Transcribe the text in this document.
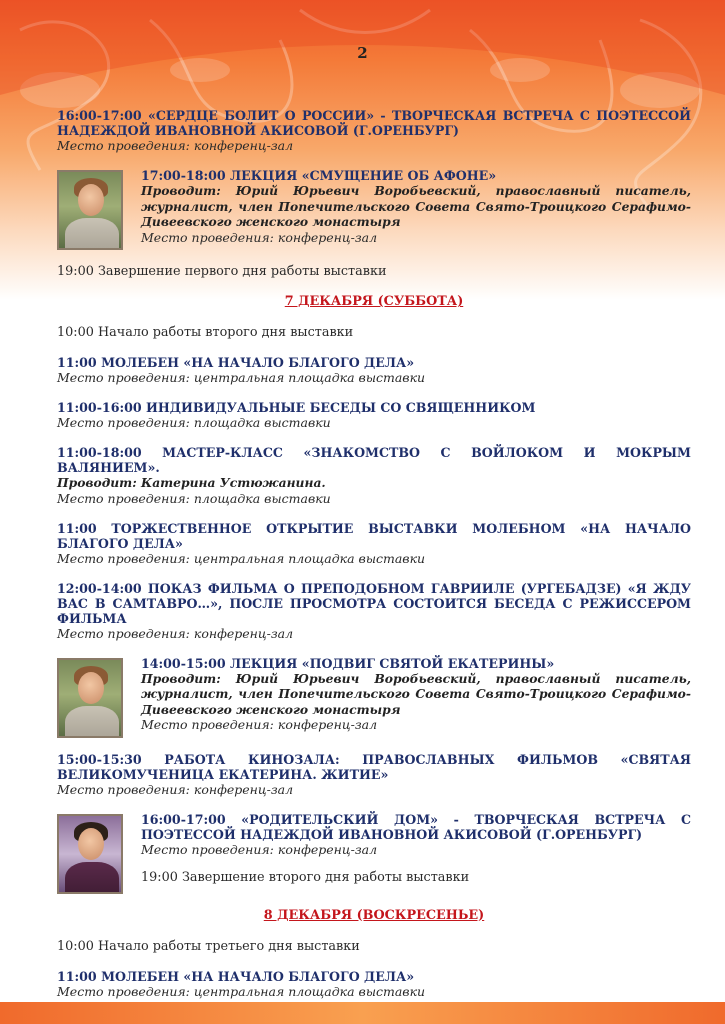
2
16:00-17:00 «СЕРДЦЕ БОЛИТ О РОССИИ» - ТВОРЧЕСКАЯ ВСТРЕЧА С ПОЭТЕССОЙ НАДЕЖДОЙ ИВАНОВНОЙ АКИСОВОЙ (Г.ОРЕНБУРГ)
Место проведения: конференц-зал
17:00-18:00 ЛЕКЦИЯ «СМУЩЕНИЕ ОБ АФОНЕ»
Проводит: Юрий Юрьевич Воробьевский, православный писатель, журналист, член Попечительского Совета Свято-Троицкого Серафимо-Дивеевского женского монастыря
Место проведения: конференц-зал
19:00 Завершение первого дня работы выставки
7 ДЕКАБРЯ (СУББОТА)
10:00 Начало работы второго дня выставки
11:00 МОЛЕБЕН «НА НАЧАЛО БЛАГОГО ДЕЛА»
Место проведения: центральная площадка выставки
11:00-16:00 ИНДИВИДУАЛЬНЫЕ БЕСЕДЫ СО СВЯЩЕННИКОМ
Место проведения: площадка выставки
11:00-18:00 МАСТЕР-КЛАСС «ЗНАКОМСТВО С ВОЙЛОКОМ И МОКРЫМ ВАЛЯНИЕМ».
Проводит: Катерина Устюжанина.
Место проведения: площадка выставки
11:00 ТОРЖЕСТВЕННОЕ ОТКРЫТИЕ ВЫСТАВКИ МОЛЕБНОМ «НА НАЧАЛО БЛАГОГО ДЕЛА»
Место проведения: центральная площадка выставки
12:00-14:00 ПОКАЗ ФИЛЬМА О ПРЕПОДОБНОМ ГАВРИИЛЕ (УРГЕБАДЗЕ) «Я ЖДУ ВАС В САМТАВРО…», ПОСЛЕ ПРОСМОТРА СОСТОИТСЯ БЕСЕДА С РЕЖИССЕРОМ ФИЛЬМА
Место проведения: конференц-зал
14:00-15:00 ЛЕКЦИЯ «ПОДВИГ СВЯТОЙ ЕКАТЕРИНЫ»
Проводит: Юрий Юрьевич Воробьевский, православный писатель, журналист, член Попечительского Совета Свято-Троицкого Серафимо-Дивеевского женского монастыря
Место проведения: конференц-зал
15:00-15:30 РАБОТА КИНОЗАЛА: ПРАВОСЛАВНЫХ ФИЛЬМОВ «СВЯТАЯ ВЕЛИКОМУЧЕНИЦА ЕКАТЕРИНА. ЖИТИЕ»
Место проведения: конференц-зал
16:00-17:00 «РОДИТЕЛЬСКИЙ ДОМ» - ТВОРЧЕСКАЯ ВСТРЕЧА С ПОЭТЕССОЙ НАДЕЖДОЙ ИВАНОВНОЙ АКИСОВОЙ (Г.ОРЕНБУРГ)
Место проведения: конференц-зал
19:00 Завершение второго дня работы выставки
8 ДЕКАБРЯ (ВОСКРЕСЕНЬЕ)
10:00 Начало работы третьего дня выставки
11:00 МОЛЕБЕН «НА НАЧАЛО БЛАГОГО ДЕЛА»
Место проведения: центральная площадка выставки
